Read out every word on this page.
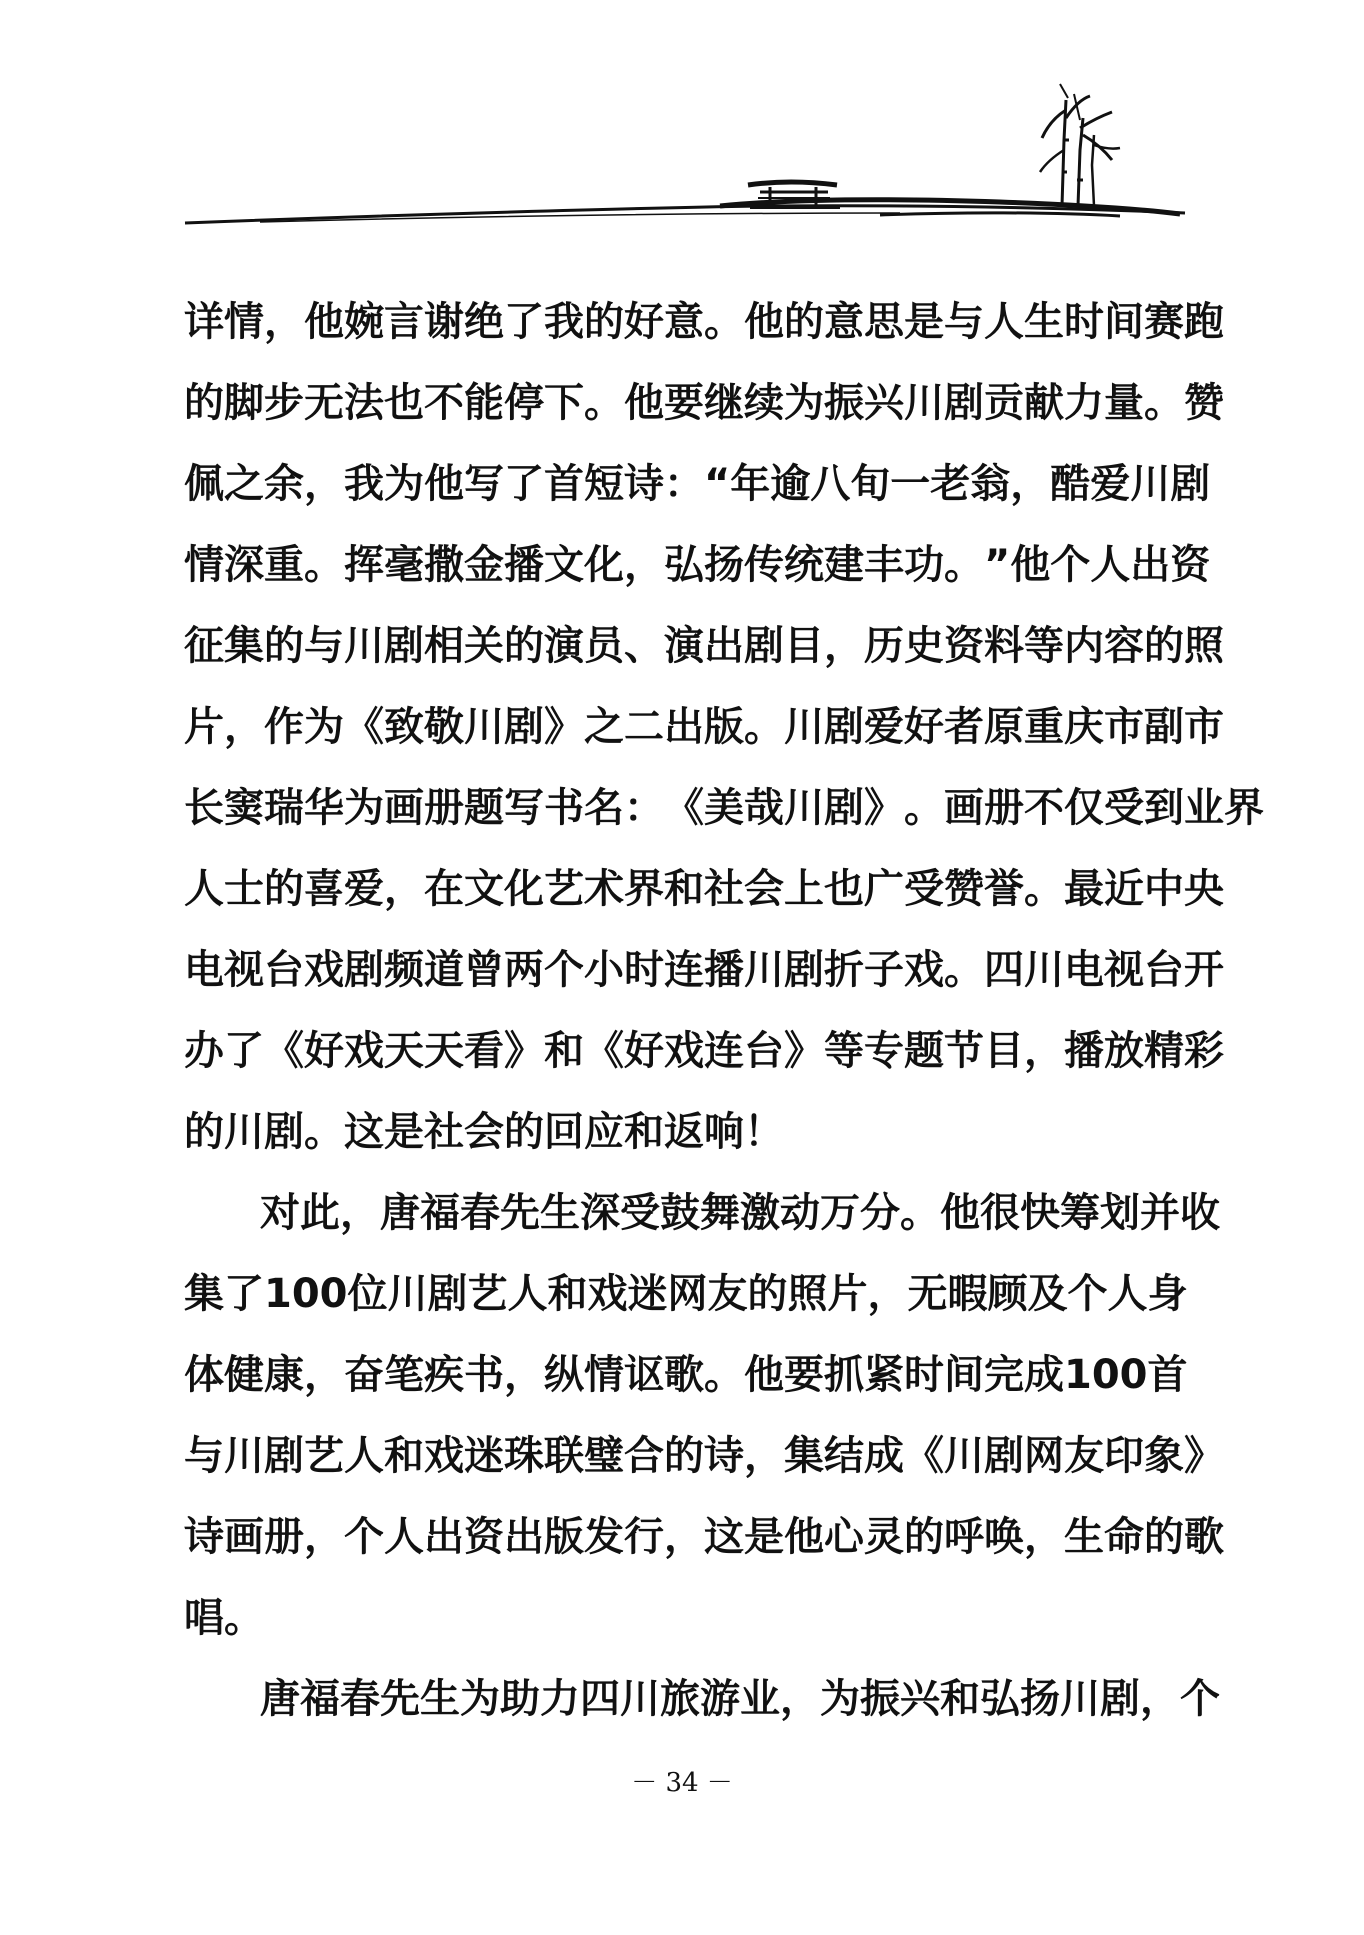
详 情 ， 他 婉 言 谢 绝 了 我 的 好 意 。 他 的 意 思 是 与 人 生 时 间 赛 跑
的 脚 步 无 法 也 不 能 停 下 。 他 要 继 续 为 振 兴 川 剧 贡 献 力 量 。 赞
佩 之 余 ， 我 为 他 写 了 首 短 诗 ： “ 年 逾 八 旬 一 老 翁 ， 酷 爱 川 剧
情 深 重 。 挥 毫 撒 金 播 文 化 ， 弘 扬 传 统 建 丰 功 。 ” 他 个 人 出 资
征 集 的 与 川 剧 相 关 的 演 员 、 演 出 剧 目 ， 历 史 资 料 等 内 容 的 照
片 ， 作 为 《 致 敬 川 剧 》 之 二 出 版 。 川 剧 爱 好 者 原 重 庆 市 副 市
长 窦 瑞 华 为 画 册 题 写 书 名 ： 《 美 哉 川 剧 》 。 画 册 不 仅 受 到 业 界
人 士 的 喜 爱 ， 在 文 化 艺 术 界 和 社 会 上 也 广 受 赞 誉 。 最 近 中 央
电 视 台 戏 剧 频 道 曾 两 个 小 时 连 播 川 剧 折 子 戏 。 四 川 电 视 台 开
办 了 《 好 戏 天 天 看 》 和 《 好 戏 连 台 》 等 专 题 节 目 ， 播 放 精 彩
的川剧。这是社会的回应和返响！
对 此 ， 唐 福 春 先 生 深 受 鼓 舞 激 动 万 分 。 他 很 快 筹 划 并 收
集 了 100 位 川 剧 艺 人 和 戏 迷 网 友 的 照 片 ， 无 暇 顾 及 个 人 身
体 健 康 ， 奋 笔 疾 书 ， 纵 情 讴 歌 。 他 要 抓 紧 时 间 完 成 100 首
与 川 剧 艺 人 和 戏 迷 珠 联 璧 合 的 诗 ， 集 结 成 《 川 剧 网 友 印 象 》
诗 画 册 ， 个 人 出 资 出 版 发 行 ， 这 是 他 心 灵 的 呼 唤 ， 生 命 的 歌
唱。
唐 福 春 先 生 为 助 力 四 川 旅 游 业 ， 为 振 兴 和 弘 扬 川 剧 ， 个
－ 34 －
